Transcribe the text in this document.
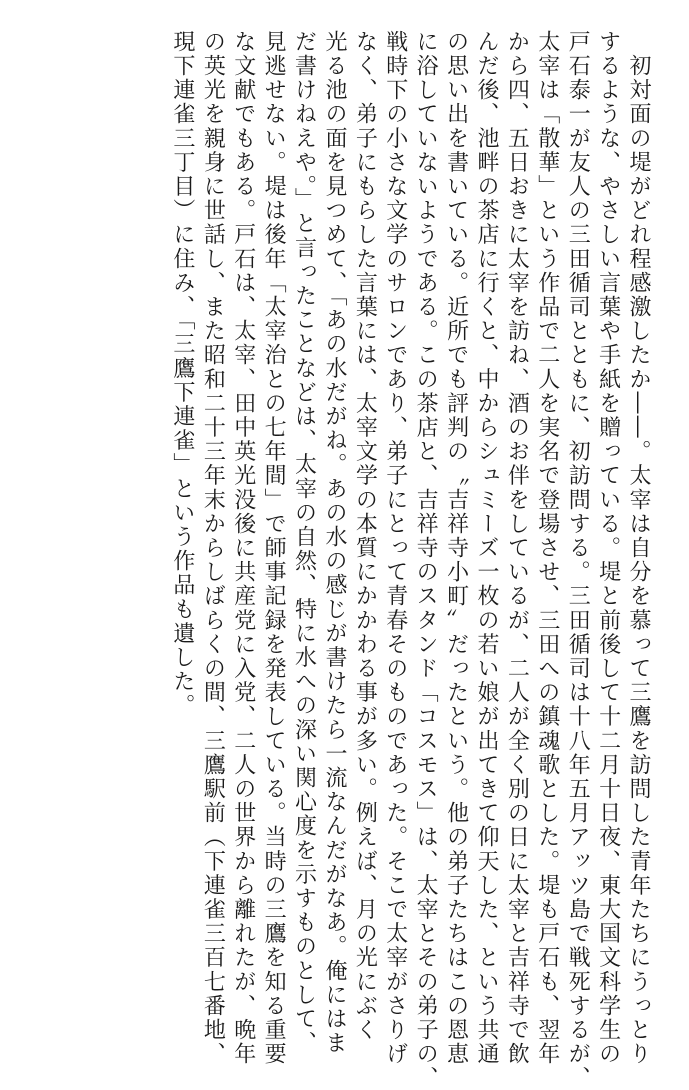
　初対面の堤がどれ程感激したか――。太宰は自分を慕って三鷹を訪問した青年たちにうっとり
するような、やさしい言葉や手紙を贈っている。堤と前後して十二月十日夜、東大国文科学生の
戸石泰一が友人の三田循司とともに、初訪問する。三田循司は十八年五月アッツ島で戦死するが、
太宰は「散華」という作品で二人を実名で登場させ、三田への鎮魂歌とした。堤も戸石も、翌年
から四、五日おきに太宰を訪ね、酒のお伴をしているが、二人が全く別の日に太宰と吉祥寺で飲
んだ後、池畔の茶店に行くと、中からシュミーズ一枚の若い娘が出てきて仰天した、という共通
の思い出を書いている。近所でも評判の〝吉祥寺小町〟だったという。他の弟子たちはこの恩恵
に浴していないようである。この茶店と、吉祥寺のスタンド「コスモス」は、太宰とその弟子の、
戦時下の小さな文学のサロンであり、弟子にとって青春そのものであった。そこで太宰がさりげ
なく、弟子にもらした言葉には、太宰文学の本質にかかわる事が多い。例えば、月の光にぶく
光る池の面を見つめて、「あの水だがね。あの水の感じが書けたら一流なんだがなあ。俺にはま
だ書けねえや。」と言ったことなどは、太宰の自然、特に水への深い関心度を示すものとして、
見逃せない。堤は後年「太宰治との七年間」で師事記録を発表している。当時の三鷹を知る重要
な文献でもある。戸石は、太宰、田中英光没後に共産党に入党、二人の世界から離れたが、晩年
の英光を親身に世話し、また昭和二十三年末からしばらくの間、三鷹駅前（下連雀三百七番地、
現下連雀三丁目）に住み、「三鷹下連雀」という作品も遺した。
